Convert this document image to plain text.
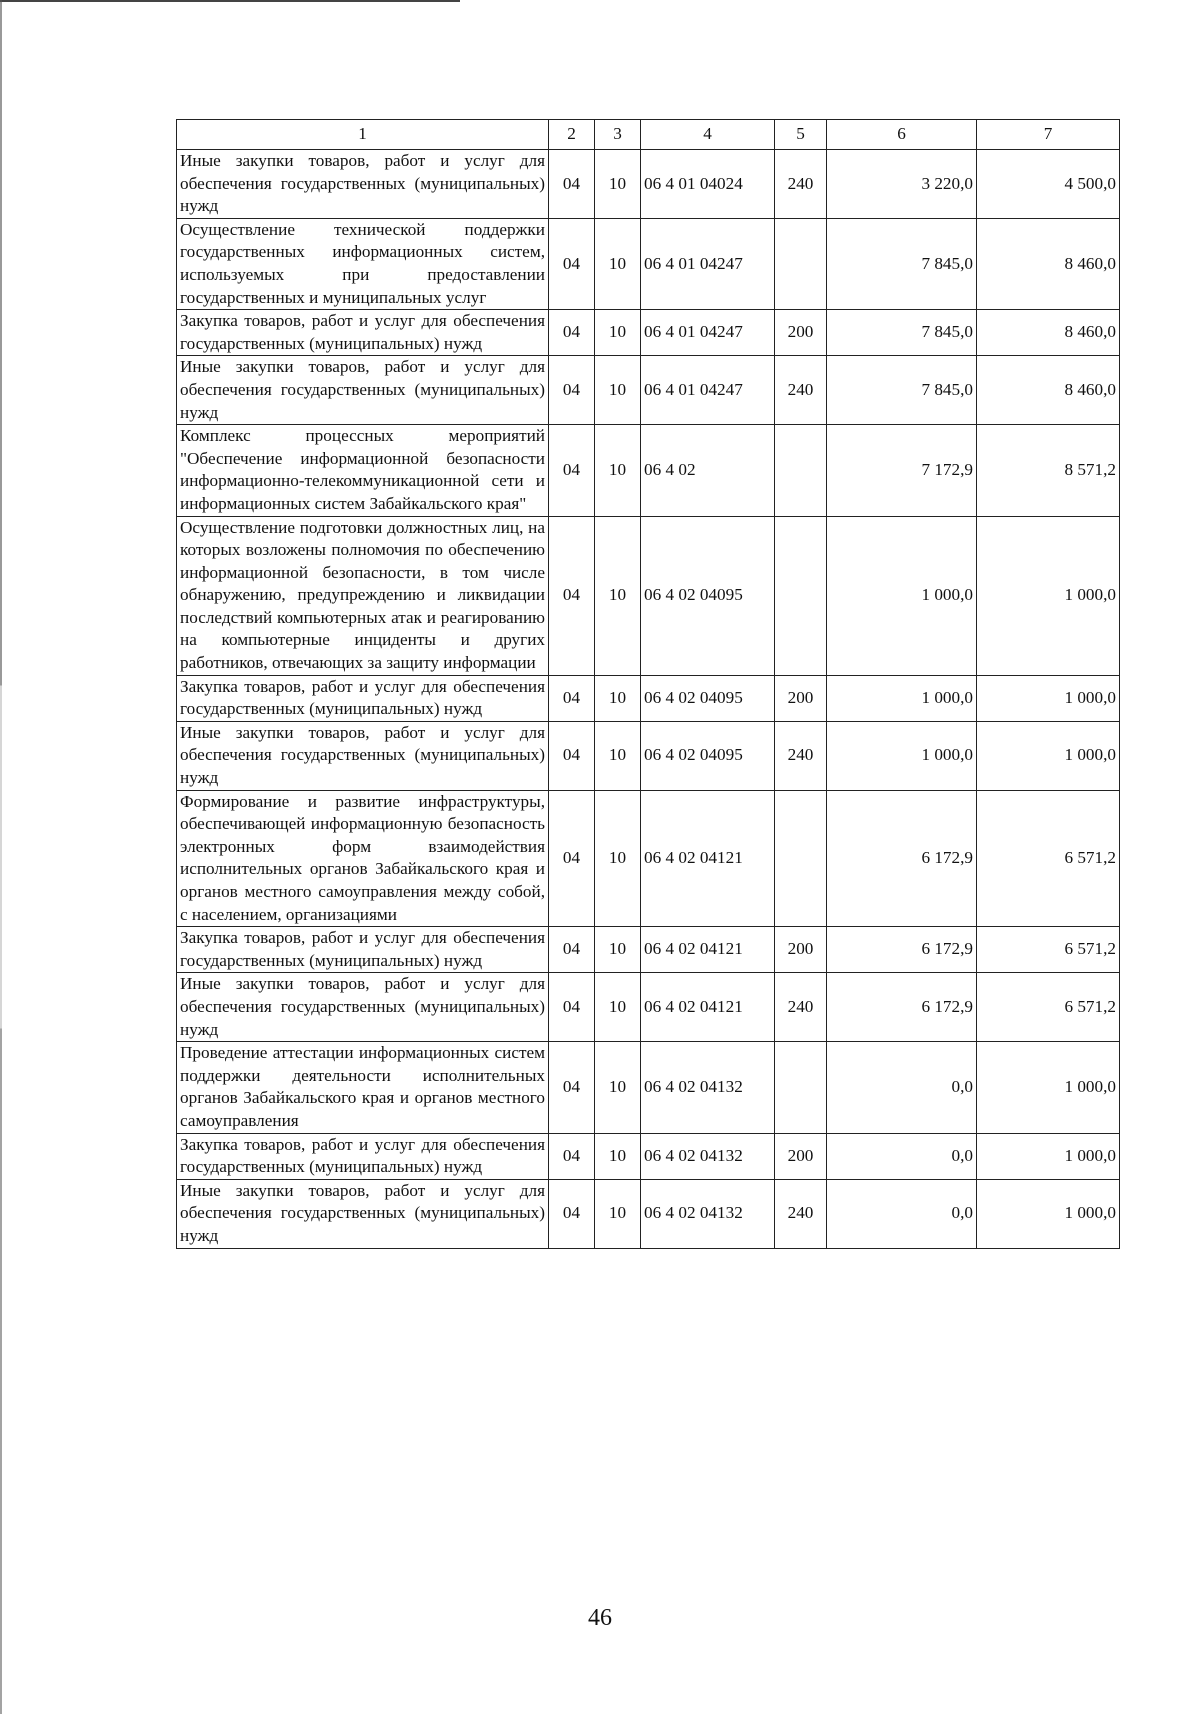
1	2	3	4	5	6	7
Иные закупки товаров, работ и услуг для обеспечения государственных (муниципальных) нужд	04	10	06 4 01 04024	240	3 220,0	4 500,0
Осуществление технической поддержки государственных информационных систем, используемых при предоставлении государственных и муниципальных услуг	04	10	06 4 01 04247		7 845,0	8 460,0
Закупка товаров, работ и услуг для обеспечения государственных (муниципальных) нужд	04	10	06 4 01 04247	200	7 845,0	8 460,0
Иные закупки товаров, работ и услуг для обеспечения государственных (муниципальных) нужд	04	10	06 4 01 04247	240	7 845,0	8 460,0
Комплекс процессных мероприятий "Обеспечение информационной безопасности информационно-телекоммуникационной сети и информационных систем Забайкальского края"	04	10	06 4 02		7 172,9	8 571,2
Осуществление подготовки должностных лиц, на которых возложены полномочия по обеспечению информационной безопасности, в том числе обнаружению, предупреждению и ликвидации последствий компьютерных атак и реагированию на компьютерные инциденты и других работников, отвечающих за защиту информации	04	10	06 4 02 04095		1 000,0	1 000,0
Закупка товаров, работ и услуг для обеспечения государственных (муниципальных) нужд	04	10	06 4 02 04095	200	1 000,0	1 000,0
Иные закупки товаров, работ и услуг для обеспечения государственных (муниципальных) нужд	04	10	06 4 02 04095	240	1 000,0	1 000,0
Формирование и развитие инфраструктуры, обеспечивающей информационную безопасность электронных форм взаимодействия исполнительных органов Забайкальского края и органов местного самоуправления между собой, с населением, организациями	04	10	06 4 02 04121		6 172,9	6 571,2
Закупка товаров, работ и услуг для обеспечения государственных (муниципальных) нужд	04	10	06 4 02 04121	200	6 172,9	6 571,2
Иные закупки товаров, работ и услуг для обеспечения государственных (муниципальных) нужд	04	10	06 4 02 04121	240	6 172,9	6 571,2
Проведение аттестации информационных систем поддержки деятельности исполнительных органов Забайкальского края и органов местного самоуправления	04	10	06 4 02 04132		0,0	1 000,0
Закупка товаров, работ и услуг для обеспечения государственных (муниципальных) нужд	04	10	06 4 02 04132	200	0,0	1 000,0
Иные закупки товаров, работ и услуг для обеспечения государственных (муниципальных) нужд	04	10	06 4 02 04132	240	0,0	1 000,0
46
